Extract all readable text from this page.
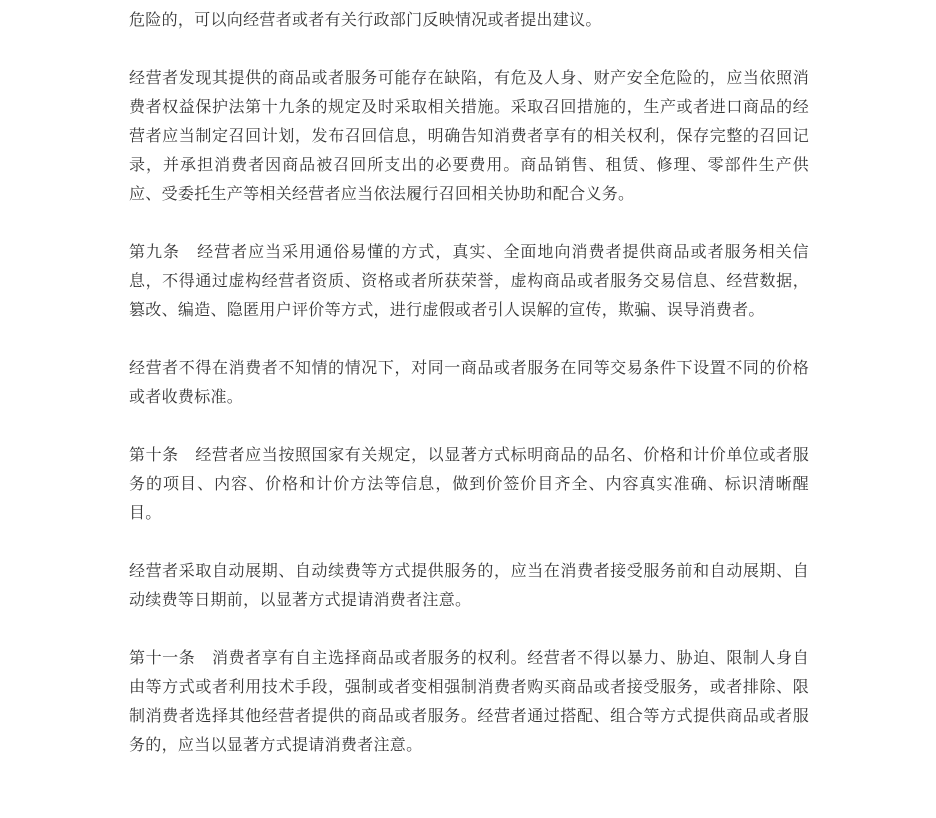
危险的，可以向经营者或者有关行政部门反映情况或者提出建议。

经营者发现其提供的商品或者服务可能存在缺陷，有危及人身、财产安全危险的，应当依照消费者权益保护法第十九条的规定及时采取相关措施。采取召回措施的，生产或者进口商品的经营者应当制定召回计划，发布召回信息，明确告知消费者享有的相关权利，保存完整的召回记录，并承担消费者因商品被召回所支出的必要费用。商品销售、租赁、修理、零部件生产供应、受委托生产等相关经营者应当依法履行召回相关协助和配合义务。

第九条　经营者应当采用通俗易懂的方式，真实、全面地向消费者提供商品或者服务相关信息，不得通过虚构经营者资质、资格或者所获荣誉，虚构商品或者服务交易信息、经营数据，篡改、编造、隐匿用户评价等方式，进行虚假或者引人误解的宣传，欺骗、误导消费者。

经营者不得在消费者不知情的情况下，对同一商品或者服务在同等交易条件下设置不同的价格或者收费标准。

第十条　经营者应当按照国家有关规定，以显著方式标明商品的品名、价格和计价单位或者服务的项目、内容、价格和计价方法等信息，做到价签价目齐全、内容真实准确、标识清晰醒目。

经营者采取自动展期、自动续费等方式提供服务的，应当在消费者接受服务前和自动展期、自动续费等日期前，以显著方式提请消费者注意。

第十一条　消费者享有自主选择商品或者服务的权利。经营者不得以暴力、胁迫、限制人身自由等方式或者利用技术手段，强制或者变相强制消费者购买商品或者接受服务，或者排除、限制消费者选择其他经营者提供的商品或者服务。经营者通过搭配、组合等方式提供商品或者服务的，应当以显著方式提请消费者注意。
